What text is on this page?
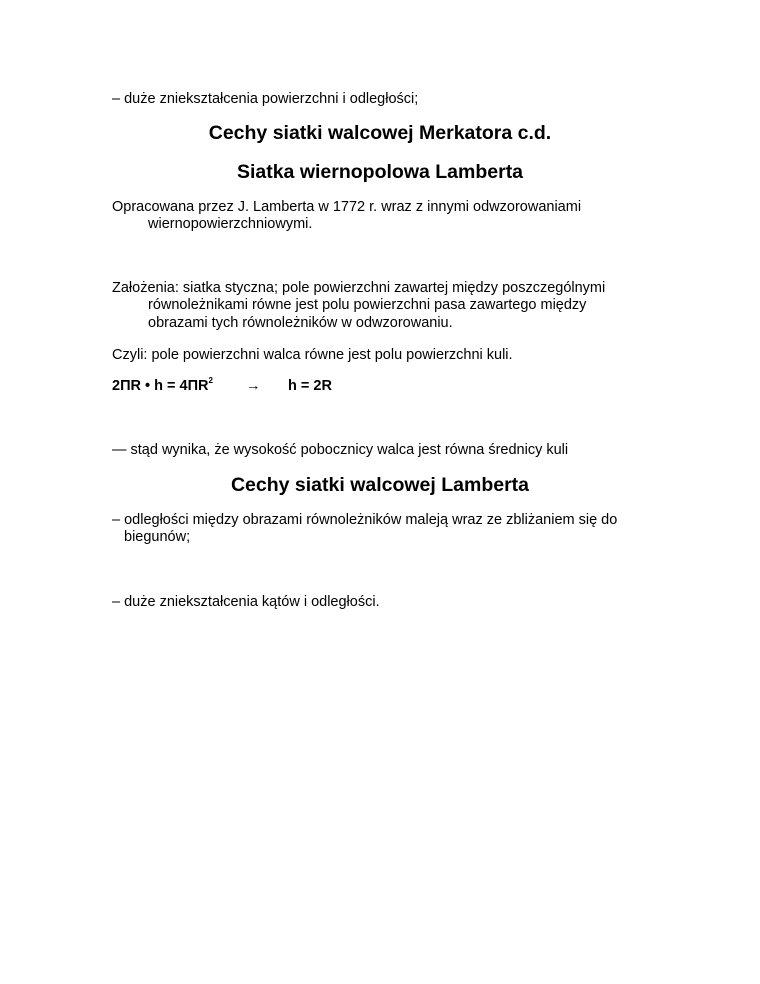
– duże zniekształcenia powierzchni i odległości;
Cechy siatki walcowej Merkatora c.d.
Siatka wiernopolowa Lamberta
Opracowana przez J. Lamberta w 1772 r. wraz z innymi odwzorowaniami
wiernopowierzchniowymi.
Założenia: siatka styczna; pole powierzchni zawartej między poszczególnymi
równoleżnikami równe jest polu powierzchni pasa zawartego między
obrazami tych równoleżników w odwzorowaniu.
Czyli: pole powierzchni walca równe jest polu powierzchni kuli.
2ΠR • $h = 4\Pi R^2 \to h = 2R$
— stąd wynika, że wysokość pobocznicy walca jest równa średnicy kuli
Cechy siatki walcowej Lamberta
– odległości między obrazami równoleżników maleją wraz ze zbliżaniem się do
biegunów;
– duże zniekształcenia kątów i odległości.
